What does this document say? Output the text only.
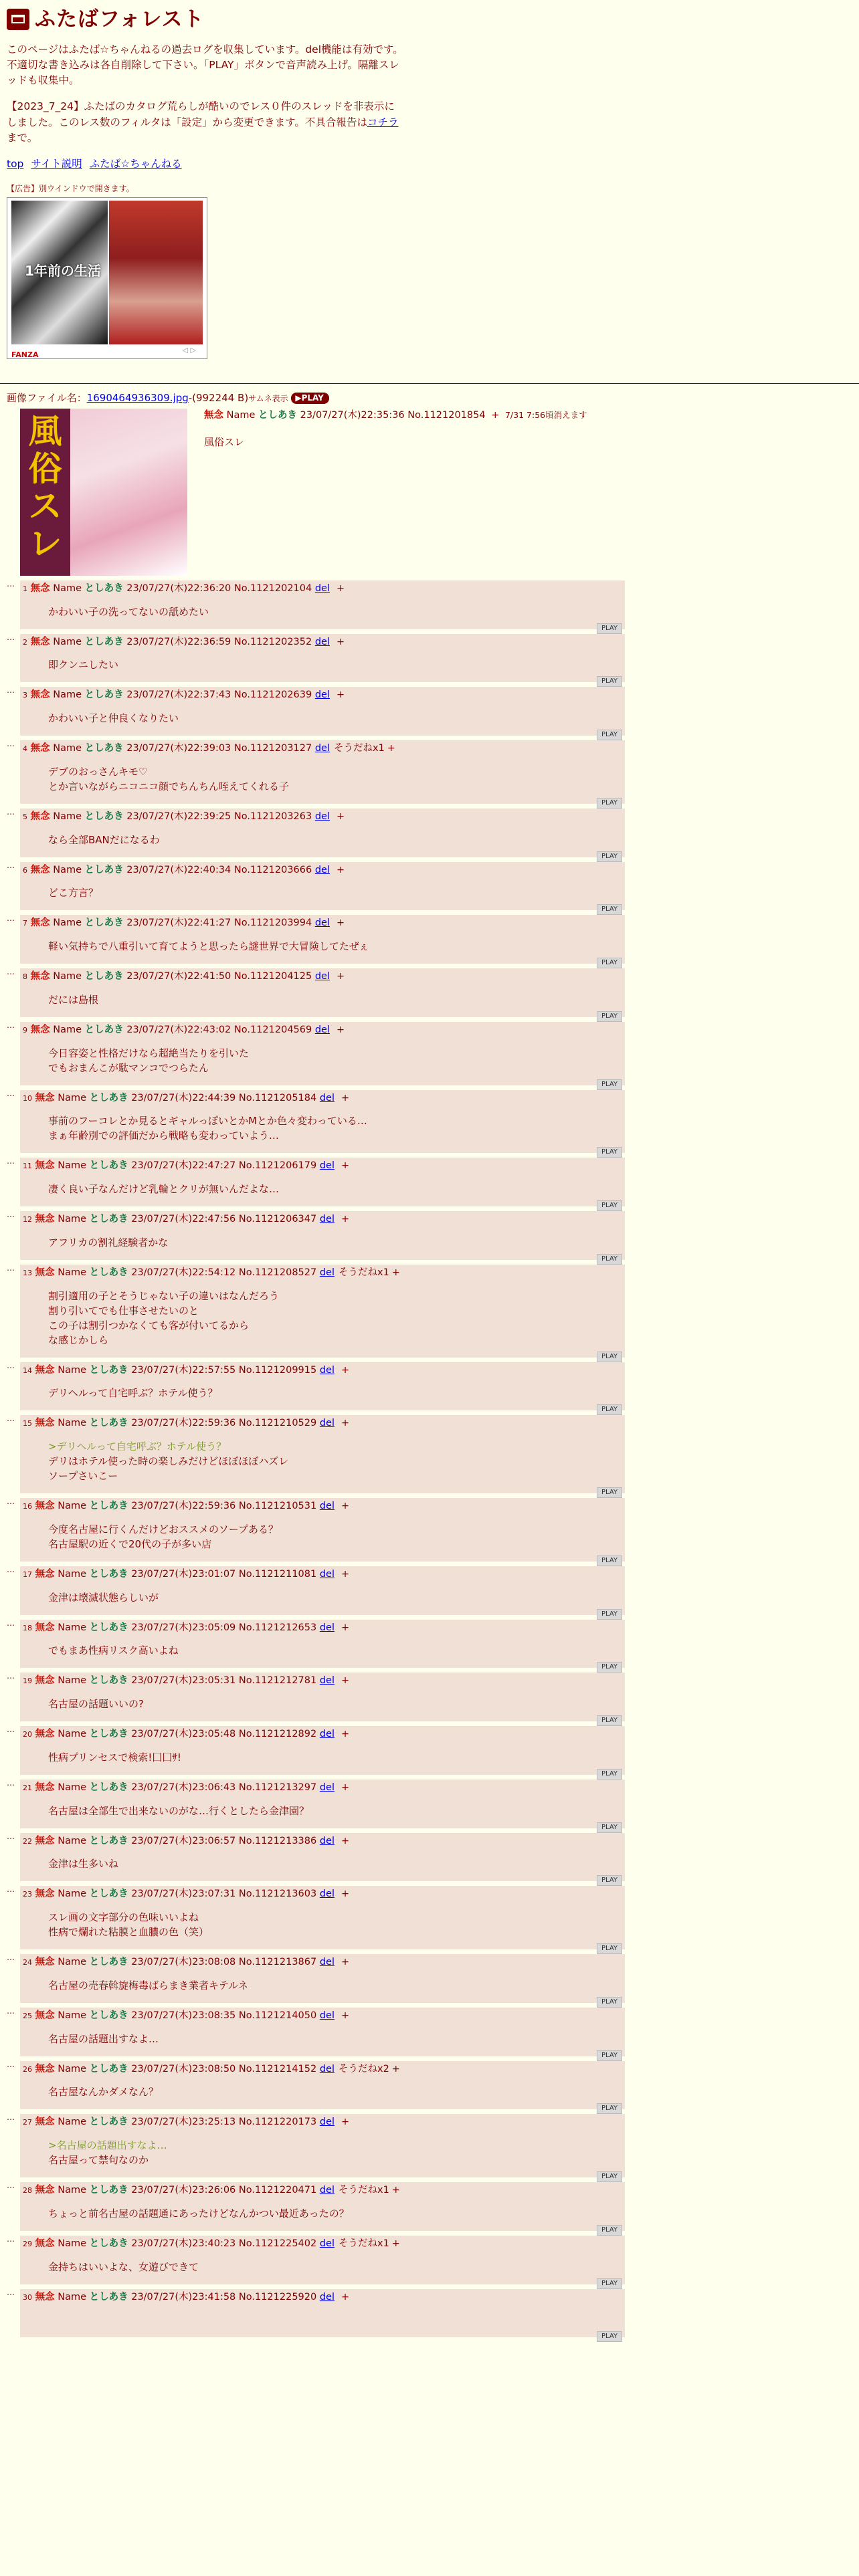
ふたばフォレスト

このページはふたば☆ちゃんねるの過去ログを収集しています。del機能は有効です。不適切な書き込みは各自削除して下さい。「PLAY」ボタンで音声読み上げ。隔離スレッドも収集中。

【2023_7_24】ふたばのカタログ荒らしが酷いのでレス０件のスレッドを非表示にしました。このレス数のフィルタは「設定」から変更できます。不具合報告はコチラまで。

top サイト説明 ふたば☆ちゃんねる
【広告】別ウインドウで開きます。
1年前の生活
FANZA
◁ ▷
画像ファイル名：1690464936309.jpg-(992244 B)サムネ表示 ▶PLAY
風俗スレ
無念 Name としあき 23/07/27(木)22:35:36 No.1121201854 + 7/31 7:56頃消えます
風俗スレ
…
1 無念 Name としあき 23/07/27(木)22:36:20 No.1121202104 del +
かわいい子の洗ってないの舐めたい
PLAY
…
2 無念 Name としあき 23/07/27(木)22:36:59 No.1121202352 del +
即クンニしたい
PLAY
…
3 無念 Name としあき 23/07/27(木)22:37:43 No.1121202639 del +
かわいい子と仲良くなりたい
PLAY
…
4 無念 Name としあき 23/07/27(木)22:39:03 No.1121203127 del そうだねx1 +
デブのおっさんキモ♡
とか言いながらニコニコ顔でちんちん咥えてくれる子
PLAY
…
5 無念 Name としあき 23/07/27(木)22:39:25 No.1121203263 del +
なら全部BANだになるわ
PLAY
…
6 無念 Name としあき 23/07/27(木)22:40:34 No.1121203666 del +
どこ方言？
PLAY
…
7 無念 Name としあき 23/07/27(木)22:41:27 No.1121203994 del +
軽い気持ちで八重引いて育てようと思ったら謎世界で大冒険してたぜぇ
PLAY
…
8 無念 Name としあき 23/07/27(木)22:41:50 No.1121204125 del +
だには島根
PLAY
…
9 無念 Name としあき 23/07/27(木)22:43:02 No.1121204569 del +
今日容姿と性格だけなら超絶当たりを引いた
でもおまんこが駄マンコでつらたん
PLAY
…
10 無念 Name としあき 23/07/27(木)22:44:39 No.1121205184 del +
事前のフーコレとか見るとギャルっぽいとかMとか色々変わっている…
まぁ年齢別での評価だから戦略も変わっていよう…
PLAY
…
11 無念 Name としあき 23/07/27(木)22:47:27 No.1121206179 del +
凄く良い子なんだけど乳輪とクリが無いんだよな…
PLAY
…
12 無念 Name としあき 23/07/27(木)22:47:56 No.1121206347 del +
アフリカの割礼経験者かな
PLAY
…
13 無念 Name としあき 23/07/27(木)22:54:12 No.1121208527 del そうだねx1 +
割引適用の子とそうじゃない子の違いはなんだろう
割り引いてでも仕事させたいのと
この子は割引つかなくても客が付いてるから
な感じかしら
PLAY
…
14 無念 Name としあき 23/07/27(木)22:57:55 No.1121209915 del +
デリヘルって自宅呼ぶ？ホテル使う？
PLAY
…
15 無念 Name としあき 23/07/27(木)22:59:36 No.1121210529 del +
>デリヘルって自宅呼ぶ？ホテル使う？
デリはホテル使った時の楽しみだけどほぼほぼハズレ
ソープさいこー
PLAY
…
16 無念 Name としあき 23/07/27(木)22:59:36 No.1121210531 del +
今度名古屋に行くんだけどおススメのソープある？
名古屋駅の近くで20代の子が多い店
PLAY
…
17 無念 Name としあき 23/07/27(木)23:01:07 No.1121211081 del +
金津は壊滅状態らしいが
PLAY
…
18 無念 Name としあき 23/07/27(木)23:05:09 No.1121212653 del +
でもまあ性病リスク高いよね
PLAY
…
19 無念 Name としあき 23/07/27(木)23:05:31 No.1121212781 del +
名古屋の話題いいの?
PLAY
…
20 無念 Name としあき 23/07/27(木)23:05:48 No.1121212892 del +
性病プリンセスで検索!囗囗ｻ!
PLAY
…
21 無念 Name としあき 23/07/27(木)23:06:43 No.1121213297 del +
名古屋は全部生で出来ないのがな…行くとしたら金津園？
PLAY
…
22 無念 Name としあき 23/07/27(木)23:06:57 No.1121213386 del +
金津は生多いね
PLAY
…
23 無念 Name としあき 23/07/27(木)23:07:31 No.1121213603 del +
スレ画の文字部分の色味いいよね
性病で爛れた粘膜と血膿の色（笑）
PLAY
…
24 無念 Name としあき 23/07/27(木)23:08:08 No.1121213867 del +
名古屋の売春斡旋梅毒ばらまき業者キテルネ
PLAY
…
25 無念 Name としあき 23/07/27(木)23:08:35 No.1121214050 del +
名古屋の話題出すなよ…
PLAY
…
26 無念 Name としあき 23/07/27(木)23:08:50 No.1121214152 del そうだねx2 +
名古屋なんかダメなん？
PLAY
…
27 無念 Name としあき 23/07/27(木)23:25:13 No.1121220173 del +
>名古屋の話題出すなよ…
名古屋って禁句なのか
PLAY
…
28 無念 Name としあき 23/07/27(木)23:26:06 No.1121220471 del そうだねx1 +
ちょっと前名古屋の話題通にあったけどなんかつい最近あったの？
PLAY
…
29 無念 Name としあき 23/07/27(木)23:40:23 No.1121225402 del そうだねx1 +
金持ちはいいよな、女遊びできて
PLAY
…
30 無念 Name としあき 23/07/27(木)23:41:58 No.1121225920 del +
PLAY
